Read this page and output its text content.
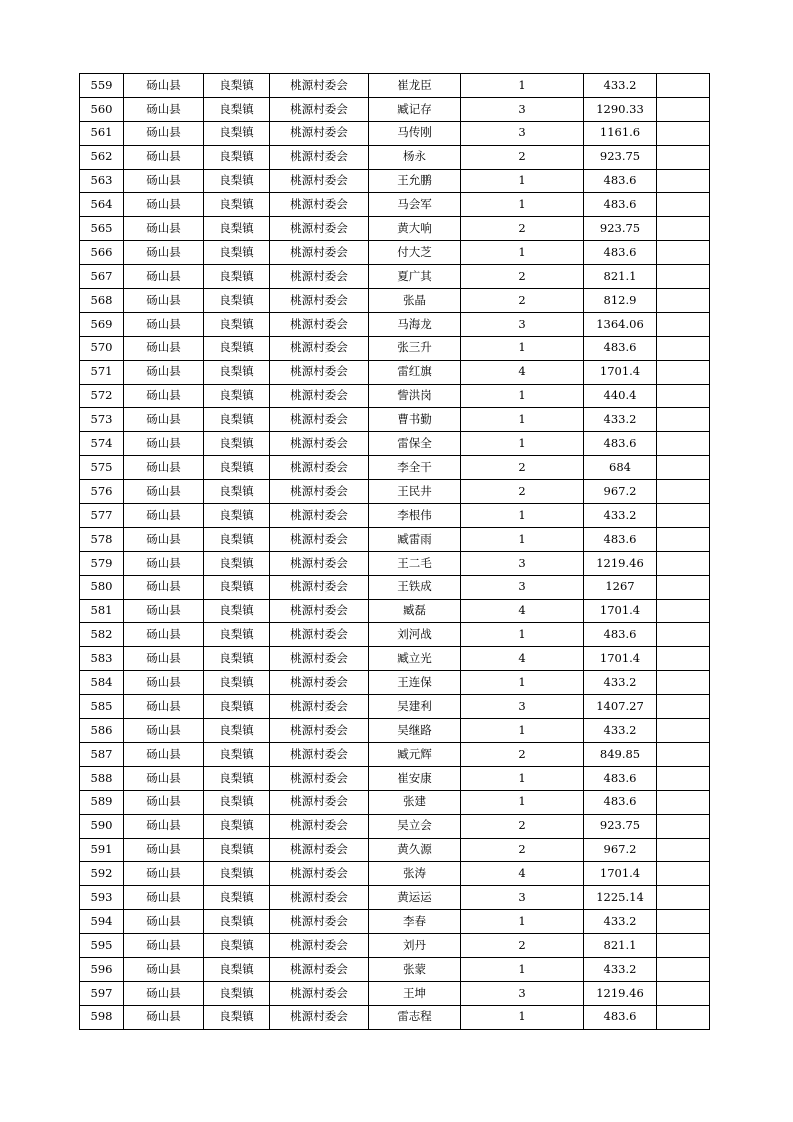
559	砀山县	良梨镇	桃源村委会	崔龙臣	1	433.2	
560	砀山县	良梨镇	桃源村委会	臧记存	3	1290.33	
561	砀山县	良梨镇	桃源村委会	马传刚	3	1161.6	
562	砀山县	良梨镇	桃源村委会	杨永	2	923.75	
563	砀山县	良梨镇	桃源村委会	王允鹏	1	483.6	
564	砀山县	良梨镇	桃源村委会	马会军	1	483.6	
565	砀山县	良梨镇	桃源村委会	黄大响	2	923.75	
566	砀山县	良梨镇	桃源村委会	付大芝	1	483.6	
567	砀山县	良梨镇	桃源村委会	夏广其	2	821.1	
568	砀山县	良梨镇	桃源村委会	张晶	2	812.9	
569	砀山县	良梨镇	桃源村委会	马海龙	3	1364.06	
570	砀山县	良梨镇	桃源村委会	张三升	1	483.6	
571	砀山县	良梨镇	桃源村委会	雷红旗	4	1701.4	
572	砀山县	良梨镇	桃源村委会	訾洪岗	1	440.4	
573	砀山县	良梨镇	桃源村委会	曹书勤	1	433.2	
574	砀山县	良梨镇	桃源村委会	雷保全	1	483.6	
575	砀山县	良梨镇	桃源村委会	李全干	2	684	
576	砀山县	良梨镇	桃源村委会	王民井	2	967.2	
577	砀山县	良梨镇	桃源村委会	李根伟	1	433.2	
578	砀山县	良梨镇	桃源村委会	臧雷雨	1	483.6	
579	砀山县	良梨镇	桃源村委会	王二毛	3	1219.46	
580	砀山县	良梨镇	桃源村委会	王铁成	3	1267	
581	砀山县	良梨镇	桃源村委会	臧磊	4	1701.4	
582	砀山县	良梨镇	桃源村委会	刘河战	1	483.6	
583	砀山县	良梨镇	桃源村委会	臧立光	4	1701.4	
584	砀山县	良梨镇	桃源村委会	王连保	1	433.2	
585	砀山县	良梨镇	桃源村委会	吴建利	3	1407.27	
586	砀山县	良梨镇	桃源村委会	吴继路	1	433.2	
587	砀山县	良梨镇	桃源村委会	臧元辉	2	849.85	
588	砀山县	良梨镇	桃源村委会	崔安康	1	483.6	
589	砀山县	良梨镇	桃源村委会	张建	1	483.6	
590	砀山县	良梨镇	桃源村委会	吴立会	2	923.75	
591	砀山县	良梨镇	桃源村委会	黄久源	2	967.2	
592	砀山县	良梨镇	桃源村委会	张涛	4	1701.4	
593	砀山县	良梨镇	桃源村委会	黄运运	3	1225.14	
594	砀山县	良梨镇	桃源村委会	李春	1	433.2	
595	砀山县	良梨镇	桃源村委会	刘丹	2	821.1	
596	砀山县	良梨镇	桃源村委会	张蒙	1	433.2	
597	砀山县	良梨镇	桃源村委会	王坤	3	1219.46	
598	砀山县	良梨镇	桃源村委会	雷志程	1	483.6	
